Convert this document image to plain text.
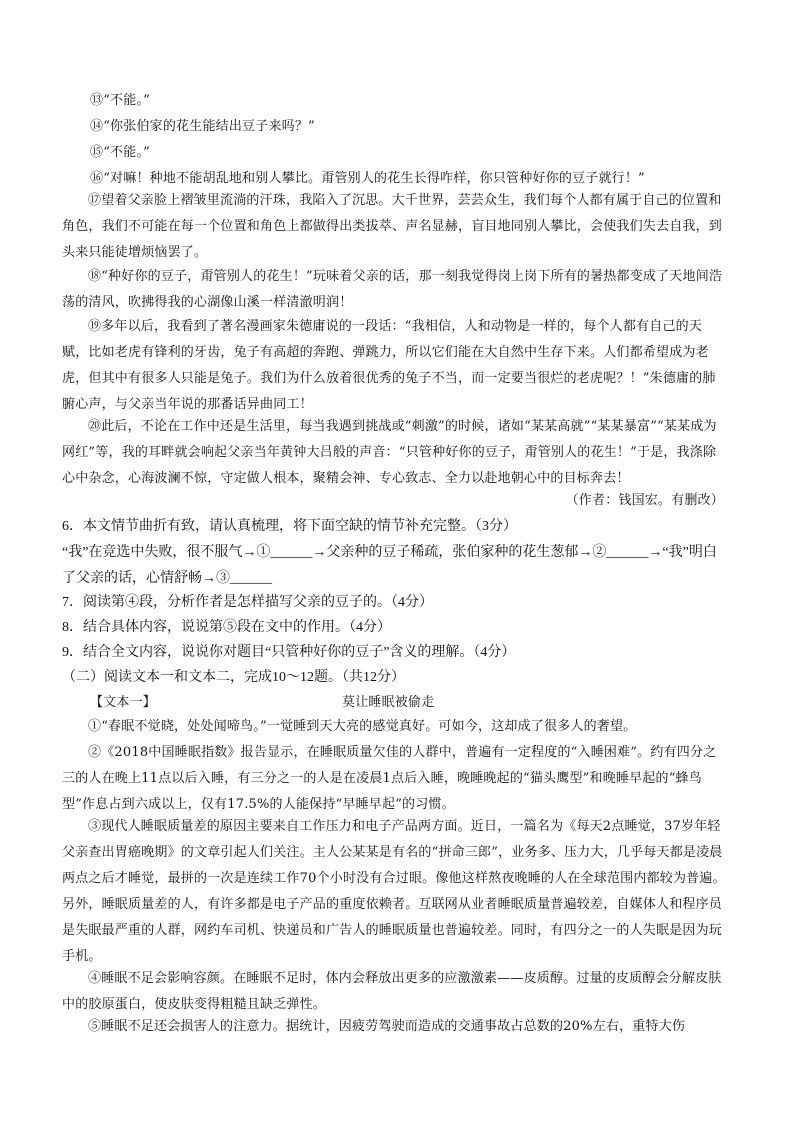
⑬“不能。”

⑭“你张伯家的花生能结出豆子来吗？”

⑮“不能。”

⑯“对嘛！种地不能胡乱地和别人攀比。甭管别人的花生长得咋样，你只管种好你的豆子就行！”

⑰望着父亲脸上褶皱里流淌的汗珠，我陷入了沉思。大千世界，芸芸众生，我们每个人都有属于自己的位置和角色，我们不可能在每一个位置和角色上都做得出类拔萃、声名显赫，盲目地同别人攀比，会使我们失去自我，到头来只能徒增烦恼罢了。

⑱“种好你的豆子，甭管别人的花生！”玩味着父亲的话，那一刻我觉得岗上岗下所有的暑热都变成了天地间浩荡的清风，吹拂得我的心湖像山溪一样清澈明润！

⑲多年以后，我看到了著名漫画家朱德庸说的一段话：“我相信，人和动物是一样的，每个人都有自己的天赋，比如老虎有锋利的牙齿，兔子有高超的奔跑、弹跳力，所以它们能在大自然中生存下来。人们都希望成为老虎，但其中有很多人只能是兔子。我们为什么放着很优秀的兔子不当，而一定要当很烂的老虎呢？！”朱德庸的肺腑心声，与父亲当年说的那番话异曲同工！

⑳此后，不论在工作中还是生活里，每当我遇到挑战或“刺激”的时候，诸如“某某高就”“某某暴富”“某某成为网红”等，我的耳畔就会响起父亲当年黄钟大吕般的声音：“只管种好你的豆子，甭管别人的花生！”于是，我涤除心中杂念，心海波澜不惊，守定做人根本，聚精会神、专心致志、全力以赴地朝心中的目标奔去！

（作者：钱国宏。有删改）

6．本文情节曲折有致，请认真梳理，将下面空缺的情节补充完整。（3分）

“我”在竞选中失败，很不服气→①______→父亲种的豆子稀疏，张伯家种的花生葱郁→②______→“我”明白了父亲的话，心情舒畅→③______

7．阅读第④段，分析作者是怎样描写父亲的豆子的。（4分）

8．结合具体内容，说说第⑤段在文中的作用。（4分）

9．结合全文内容，说说你对题目“只管种好你的豆子”含义的理解。（4分）

（二）阅读文本一和文本二，完成10～12题。（共12分）

【文本一】	莫让睡眠被偷走

①“春眠不觉晓，处处闻啼鸟。”一觉睡到天大亮的感觉真好。可如今，这却成了很多人的奢望。

②《2018中国睡眠指数》报告显示，在睡眠质量欠佳的人群中，普遍有一定程度的“入睡困难”。约有四分之三的人在晚上11点以后入睡，有三分之一的人是在凌晨1点后入睡，晚睡晚起的“猫头鹰型”和晚睡早起的“蜂鸟型”作息占到六成以上，仅有17.5%的人能保持“早睡早起”的习惯。

③现代人睡眠质量差的原因主要来自工作压力和电子产品两方面。近日，一篇名为《每天2点睡觉，37岁年轻父亲查出胃癌晚期》的文章引起人们关注。主人公某某是有名的“拼命三郎”，业务多、压力大，几乎每天都是凌晨两点之后才睡觉，最拼的一次是连续工作70个小时没有合过眼。像他这样熬夜晚睡的人在全球范围内都较为普遍。另外，睡眠质量差的人，有许多都是电子产品的重度依赖者。互联网从业者睡眠质量普遍较差，自媒体人和程序员是失眠最严重的人群，网约车司机、快递员和广告人的睡眠质量也普遍较差。同时，有四分之一的人失眠是因为玩手机。

④睡眠不足会影响容颜。在睡眠不足时，体内会释放出更多的应激激素——皮质醇。过量的皮质醇会分解皮肤中的胶原蛋白，使皮肤变得粗糙且缺乏弹性。

⑤睡眠不足还会损害人的注意力。据统计，因疲劳驾驶而造成的交通事故占总数的20%左右，重特大伤
